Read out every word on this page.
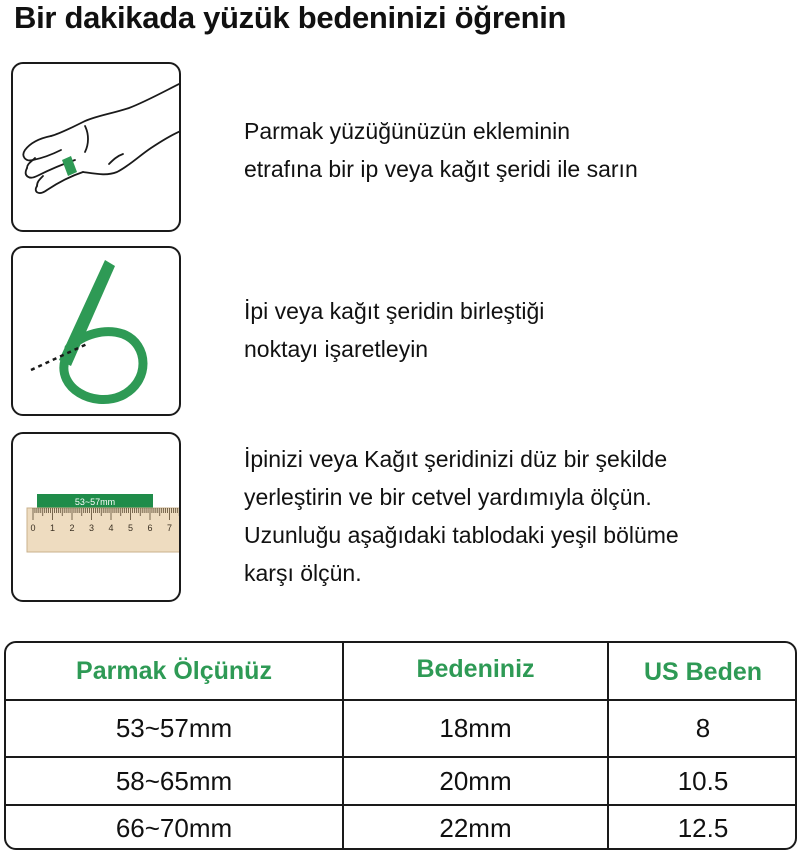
Bir dakikada yüzük bedeninizi öğrenin
Parmak yüzüğünüzün ekleminin
etrafına bir ip veya kağıt şeridi ile sarın
İpi veya kağıt şeridin birleştiği
noktayı işaretleyin
53~57mm
0 1 2 3 4 5 6 7
İpinizi veya Kağıt şeridinizi düz bir şekilde
yerleştirin ve bir cetvel yardımıyla ölçün.
Uzunluğu aşağıdaki tablodaki yeşil bölüme
karşı ölçün.
Parmak Ölçünüz	Bedeniniz	US Beden
53~57mm	18mm	8
58~65mm	20mm	10.5
66~70mm	22mm	12.5
